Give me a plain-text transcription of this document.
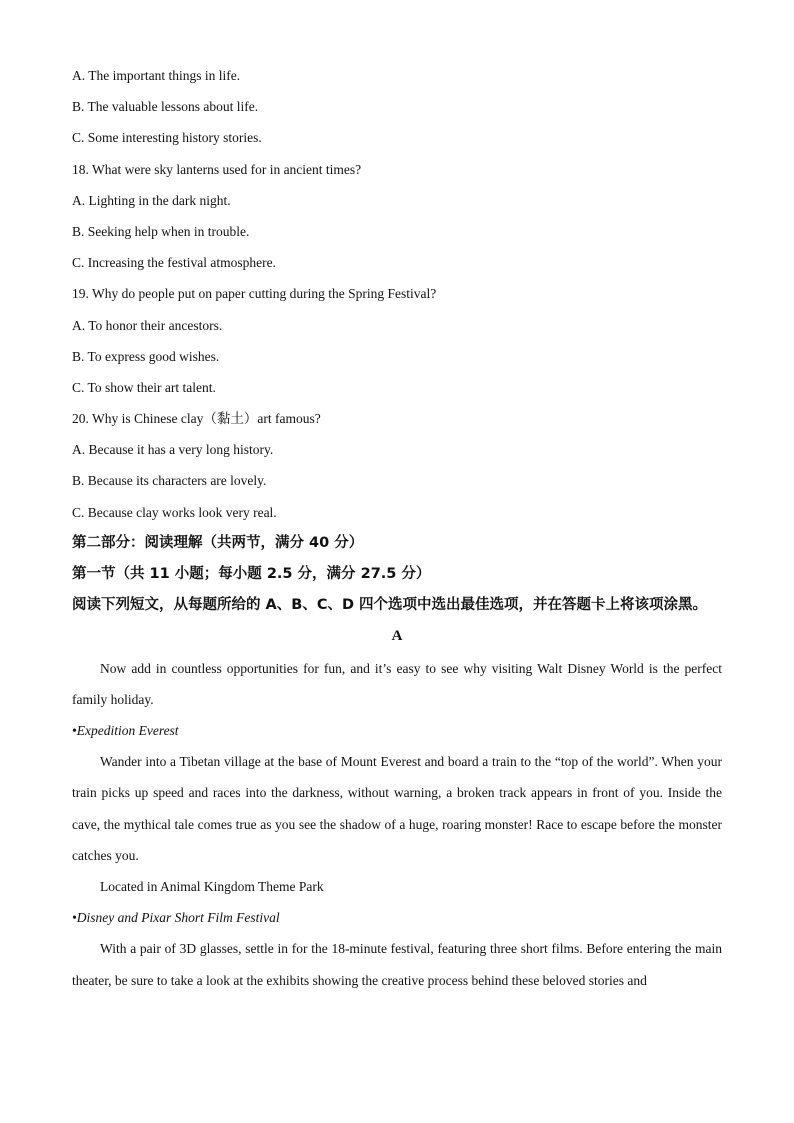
A. The important things in life.
B. The valuable lessons about life.
C. Some interesting history stories.
18. What were sky lanterns used for in ancient times?
A. Lighting in the dark night.
B. Seeking help when in trouble.
C. Increasing the festival atmosphere.
19. Why do people put on paper cutting during the Spring Festival?
A. To honor their ancestors.
B. To express good wishes.
C. To show their art talent.
20. Why is Chinese clay（黏土）art famous?
A. Because it has a very long history.
B. Because its characters are lovely.
C. Because clay works look very real.
第二部分：阅读理解（共两节，满分 40 分）
第一节（共 11 小题；每小题 2.5 分，满分 27.5 分）
阅读下列短文，从每题所给的 A、B、C、D 四个选项中选出最佳选项，并在答题卡上将该项涂黑。
A
Now add in countless opportunities for fun, and it’s easy to see why visiting Walt Disney World is the perfect family holiday.
•Expedition Everest
Wander into a Tibetan village at the base of Mount Everest and board a train to the “top of the world”. When your train picks up speed and races into the darkness, without warning, a broken track appears in front of you. Inside the cave, the mythical tale comes true as you see the shadow of a huge, roaring monster! Race to escape before the monster catches you.
Located in Animal Kingdom Theme Park
•Disney and Pixar Short Film Festival
With a pair of 3D glasses, settle in for the 18-minute festival, featuring three short films. Before entering the main theater, be sure to take a look at the exhibits showing the creative process behind these beloved stories and
